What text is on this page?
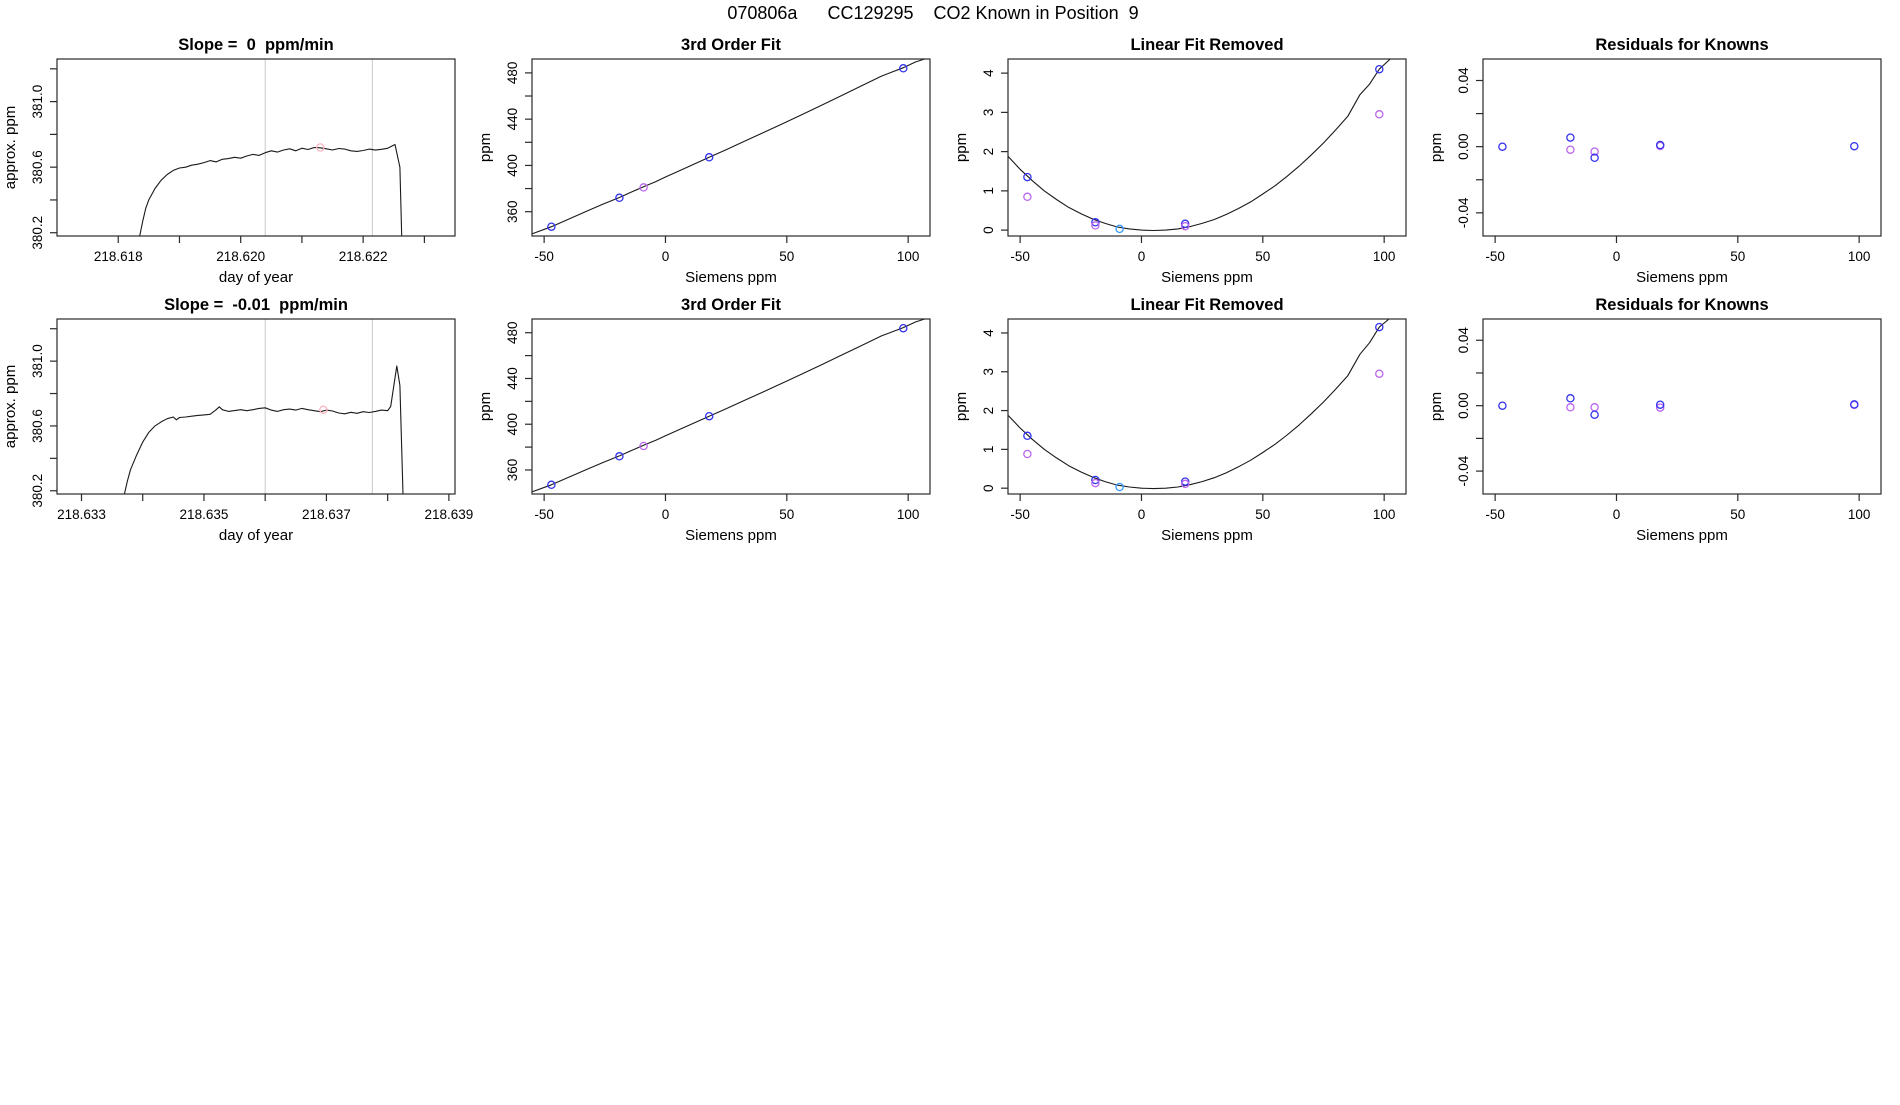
070806a      CC129295    CO2 Known in Position  9
218.618	218.620	218.622
380.2
380.6
381.0
day of year
approx. ppm
Slope =  0  ppm/min
-50	0	50	100
360
400
440
480
Siemens ppm
ppm
3rd Order Fit
-50	0	50	100
0
1
2
3
4
Siemens ppm
ppm
Linear Fit Removed
-50	0	50	100
-0.04
0.00
0.04
Siemens ppm
ppm
Residuals for Knowns
218.633	218.635	218.637	218.639
380.2
380.6
381.0
day of year
approx. ppm
Slope =  -0.01  ppm/min
-50	0	50	100
360
400
440
480
Siemens ppm
ppm
3rd Order Fit
-50	0	50	100
0
1
2
3
4
Siemens ppm
ppm
Linear Fit Removed
-50	0	50	100
-0.04
0.00
0.04
Siemens ppm
ppm
Residuals for Knowns
